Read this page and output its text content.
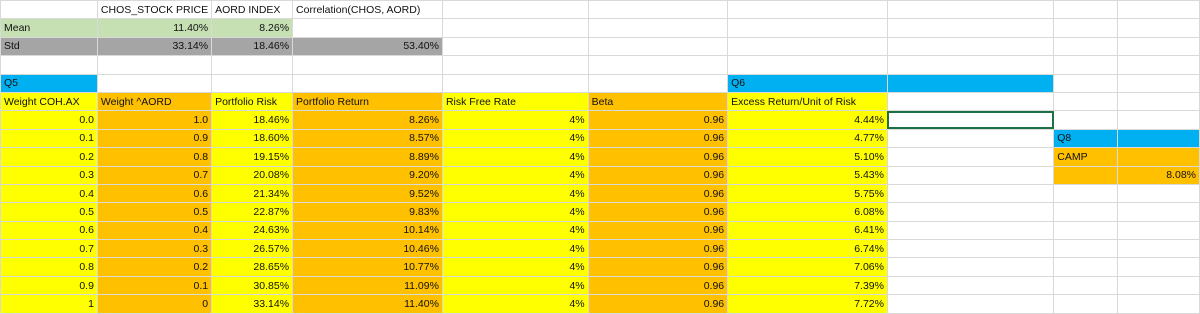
	CHOS_STOCK PRICE	AORD INDEX	Correlation(CHOS, AORD)						
Mean	11.40%	8.26%							
Std	33.14%	18.46%	53.40%						

Q5						Q6			
Weight COH.AX	Weight ^AORD	Portfolio Risk	Portfolio Return	Risk Free Rate	Beta	Excess Return/Unit of Risk			
0.0	1.0	18.46%	8.26%	4%	0.96	4.44%			
0.1	0.9	18.60%	8.57%	4%	0.96	4.77%		Q8	
0.2	0.8	19.15%	8.89%	4%	0.96	5.10%		CAMP	
0.3	0.7	20.08%	9.20%	4%	0.96	5.43%			8.08%
0.4	0.6	21.34%	9.52%	4%	0.96	5.75%			
0.5	0.5	22.87%	9.83%	4%	0.96	6.08%			
0.6	0.4	24.63%	10.14%	4%	0.96	6.41%			
0.7	0.3	26.57%	10.46%	4%	0.96	6.74%			
0.8	0.2	28.65%	10.77%	4%	0.96	7.06%			
0.9	0.1	30.85%	11.09%	4%	0.96	7.39%			
1	0	33.14%	11.40%	4%	0.96	7.72%			
